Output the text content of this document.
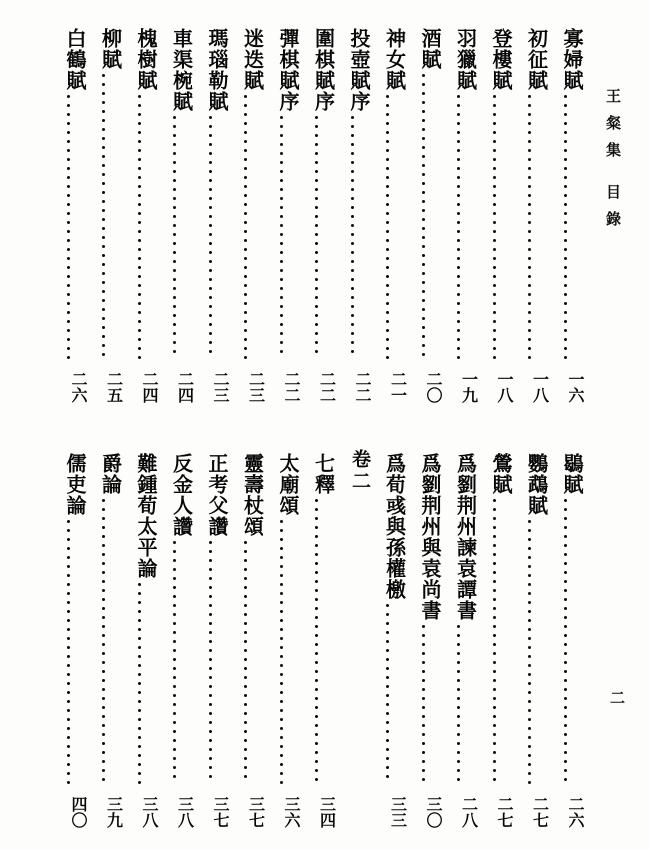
王粲集
目錄
寡婦賦
一六
初征賦
一八
登樓賦
一八
羽獵賦
一九
酒賦
二〇
神女賦
二一
投壺賦序
二二
圍棋賦序
二二
彈棋賦序
二二
迷迭賦
二三
瑪瑙勒賦
二三
車渠椀賦
二四
槐樹賦
二四
柳賦
二五
白鶴賦
二六
鶡賦
二六
鸚鵡賦
二七
鶯賦
二七
爲劉荆州諫袁譚書
二八
爲劉荆州與袁尚書
三〇
爲荀彧與孫權檄
三三
卷二
七釋
三四
太廟頌
三六
靈壽杖頌
三七
正考父讚
三七
反金人讚
三八
難鍾荀太平論
三八
爵論
三九
儒吏論
四〇
二
